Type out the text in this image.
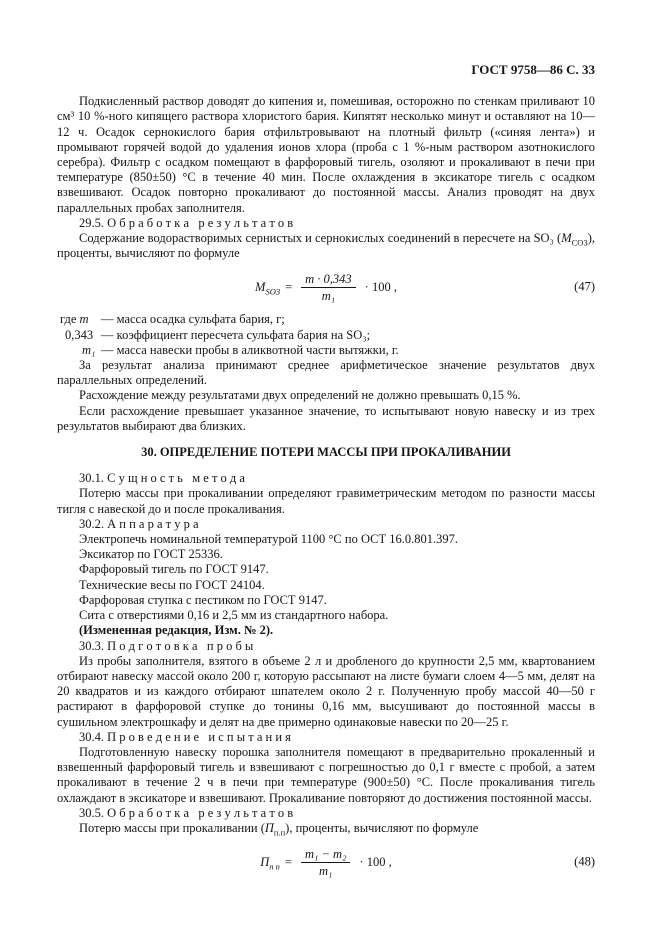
ГОСТ 9758—86 С. 33
Подкисленный раствор доводят до кипения и, помешивая, осторожно по стенкам приливают 10 см³ 10 %-ного кипящего раствора хлористого бария. Кипятят несколько минут и оставляют на 10—12 ч. Осадок сернокислого бария отфильтровывают на плотный фильтр («синяя лента») и промывают горячей водой до удаления ионов хлора (проба с 1 %-ным раствором азотнокислого серебра). Фильтр с осадком помещают в фарфоровый тигель, озоляют и прокаливают в печи при температуре (850±50) °С в течение 40 мин. После охлаждения в эксикаторе тигель с осадком взвешивают. Осадок повторно прокаливают до постоянной массы. Анализ проводят на двух параллельных пробах заполнителя.
29.5. О б р а б о т к а   р е з у л ь т а т о в
Содержание водорастворимых сернистых и сернокислых соединений в пересчете на SO₃ $(M_{CO3})$, проценты, вычисляют по формуле
$M_{SO3} = \frac{m \cdot 0,343}{\text{m₁}} \cdot 100$ ,	(47)
где m — масса осадка сульфата бария, г;
0,343 — коэффициент пересчета сульфата бария на SO₃;
m₁ — масса навески пробы в аликвотной части вытяжки, г.
За результат анализа принимают среднее арифметическое значение результатов двух параллельных определений.
Расхождение между результатами двух определений не должно превышать 0,15 %.
Если расхождение превышает указанное значение, то испытывают новую навеску и из трех результатов выбирают два близких.
30. ОПРЕДЕЛЕНИЕ ПОТЕРИ МАССЫ ПРИ ПРОКАЛИВАНИИ
30.1. С у щ н о с т ь   м е т о д а
Потерю массы при прокаливании определяют гравиметрическим методом по разности массы тигля с навеской до и после прокаливания.
30.2. А п п а р а т у р а
Электропечь номинальной температурой 1100 °С по ОСТ 16.0.801.397.
Эксикатор по ГОСТ 25336.
Фарфоровый тигель по ГОСТ 9147.
Технические весы по ГОСТ 24104.
Фарфоровая ступка с пестиком по ГОСТ 9147.
Сита с отверстиями 0,16 и 2,5 мм из стандартного набора.
(Измененная редакция, Изм. № 2).
30.3. П о д г о т о в к а   п р о б ы
Из пробы заполнителя, взятого в объеме 2 л и дробленого до крупности 2,5 мм, квартованием отбирают навеску массой около 200 г, которую рассыпают на листе бумаги слоем 4—5 мм, делят на 20 квадратов и из каждого отбирают шпателем около 2 г. Полученную пробу массой 40—50 г растирают в фарфоровой ступке до тонины 0,16 мм, высушивают до постоянной массы в сушильном электрошкафу и делят на две примерно одинаковые навески по 20—25 г.
30.4. П р о в е д е н и е   и с п ы т а н и я
Подготовленную навеску порошка заполнителя помещают в предварительно прокаленный и взвешенный фарфоровый тигель и взвешивают с погрешностью до 0,1 г вместе с пробой, а затем прокаливают в течение 2 ч в печи при температуре (900±50) °С. После прокаливания тигель охлаждают в эксикаторе и взвешивают. Прокаливание повторяют до достижения постоянной массы.
30.5. О б р а б о т к а   р е з у л ь т а т о в
Потерю массы при прокаливании $(П_{п.п})$, проценты, вычисляют по формуле
$П_{п п} = \frac{\text{m₁ − m₂}}{\text{m₁}} \cdot 100$ ,	(48)
